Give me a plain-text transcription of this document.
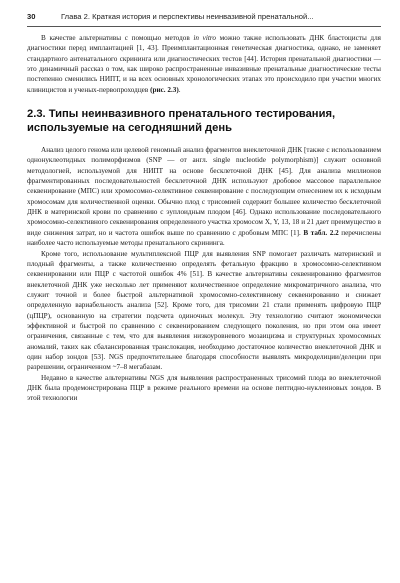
30	Глава 2. Краткая история и перспективы неинвазивной пренатальной...

В качестве альтернативы с помощью методов in vitro можно также использовать ДНК бластоцисты для диагностики перед имплантацией [1, 43]. Преимплантационная генетическая диагностика, однако, не заменяет стандартного антенатального скрининга или диагностических тестов [44]. История пренатальной диагностики — это динамичный рассказ о том, как широко распространенные инвазивные пренатальные диагностические тесты постепенно сменились НИПТ, и на всех основных хронологических этапах это происходило при участии многих клиницистов и ученых-первопроходцев (рис. 2.3).

2.3. Типы неинвазивного пренатального тестирования, используемые на сегодняшний день

Анализ целого генома или целевой геномный анализ фрагментов внеклеточной ДНК [также с использованием однонуклеотидных полиморфизмов (SNP — от англ. single nucleotide polymorphism)] служит основной методологией, используемой для НИПТ на основе бесклеточной ДНК [45]. Для анализа миллионов фрагментированных последовательностей бесклеточной ДНК используют дробовое массовое параллельное секвенирование (МПС) или хромосомно-селективное секвенирование с последующим отнесением их к исходным хромосомам для количественной оценки. Обычно плод с трисомией содержит большее количество бесклеточной ДНК в материнской крови по сравнению с эуплоидным плодом [46]. Однако использование последовательного хромосомно-селективного секвенирования определенного участка хромосом X, Y, 13, 18 и 21 дает преимущество в виде снижения затрат, но и частота ошибок выше по сравнению с дробовым МПС [1]. В табл. 2.2 перечислены наиболее часто используемые методы пренатального скрининга.

Кроме того, использование мультиплексной ПЦР для выявления SNP помогает различать материнский и плодный фрагменты, а также количественно определять фетальную фракцию в хромосомно-селективном секвенировании или ПЦР с частотой ошибок 4% [51]. В качестве альтернативы секвенированию фрагментов внеклеточной ДНК уже несколько лет применяют количественное определение микроматричного анализа, что служит точной и более быстрой альтернативой хромосомно-селективному секвенированию и снижает определенную вариабельность анализа [52]. Кроме того, для трисомии 21 стали применять цифровую ПЦР (цПЦР), основанную на стратегии подсчета одиночных молекул. Эту технологию считают экономически эффективной и быстрой по сравнению с секвенированием следующего поколения, но при этом она имеет ограничения, связанные с тем, что для выявления низкоуровневого мозаицизма и структурных хромосомных аномалий, таких как сбалансированная транслокация, необходимо достаточное количество внеклеточной ДНК и один набор зондов [53]. NGS предпочтительнее благодаря способности выявлять микроделиции/делеции при разрешении, ограниченном ~7–8 мегабазам.

Недавно в качестве альтернативы NGS для выявления распространенных трисомий плода во внеклеточной ДНК была продемонстрирована ПЦР в режиме реального времени на основе пептидно-нуклеиновых зондов. В этой технологии
